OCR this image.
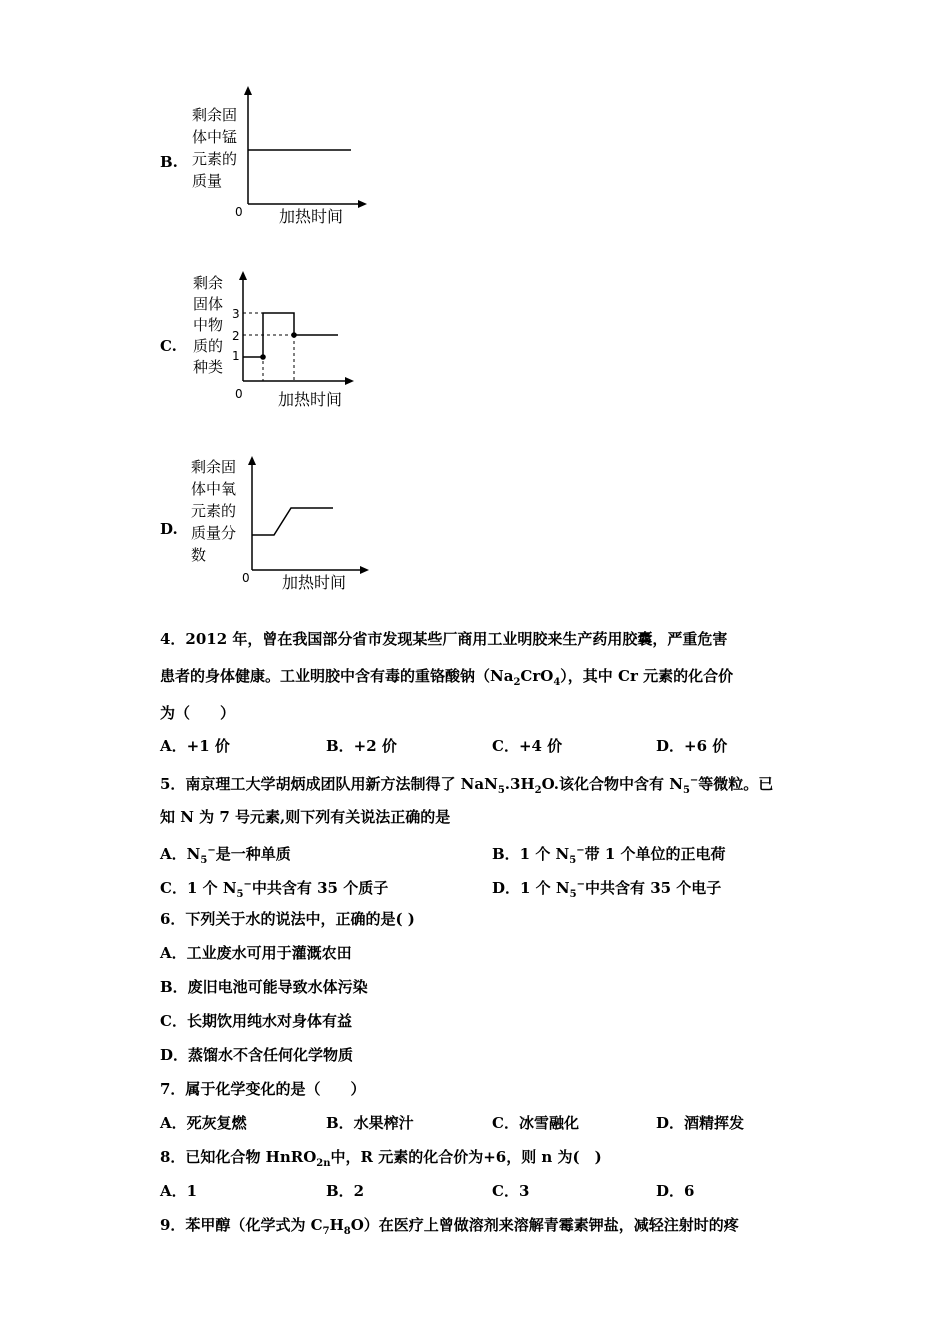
B.
剩余固
体中锰
元素的
质量
0 加热时间
C.
剩余
固体
中物
质的
种类
3
2
1
0 加热时间
D.
剩余固
体中氧
元素的
质量分
数
0 加热时间
4．2012 年，曾在我国部分省市发现某些厂商用工业明胶来生产药用胶囊，严重危害
患者的身体健康。工业明胶中含有毒的重铬酸钠$(Na_2CrO_4)$，其中 Cr 元素的化合价
为（　　）
A．+1 价	B．+2 价	C．+4 价	D．+6 价
5．南京理工大学胡炳成团队用新方法制得了 $NaN_5.3H_2O$.该化合物中含有 $N_5^-$等微粒。已
知 N 为 7 号元素,则下列有关说法正确的是
A．$N_5^-$是一种单质	B．1 个 $N_5^-$带 1 个单位的正电荷
C．1 个 $N_5^-$中共含有 35 个质子	D．1 个 $N_5^-$中共含有 35 个电子
6．下列关于水的说法中，正确的是( )
A．工业废水可用于灌溉农田
B．废旧电池可能导致水体污染
C．长期饮用纯水对身体有益
D．蒸馏水不含任何化学物质
7．属于化学变化的是（　　）
A．死灰复燃	B．水果榨汁	C．冰雪融化	D．酒精挥发
8．已知化合物 HnRO$_{2n}$中，R 元素的化合价为+6，则 n 为(　)
A．1	B．2	C．3	D．6
9．苯甲醇（化学式为 $C_7H_8O$）在医疗上曾做溶剂来溶解青霉素钾盐，减轻注射时的疼
